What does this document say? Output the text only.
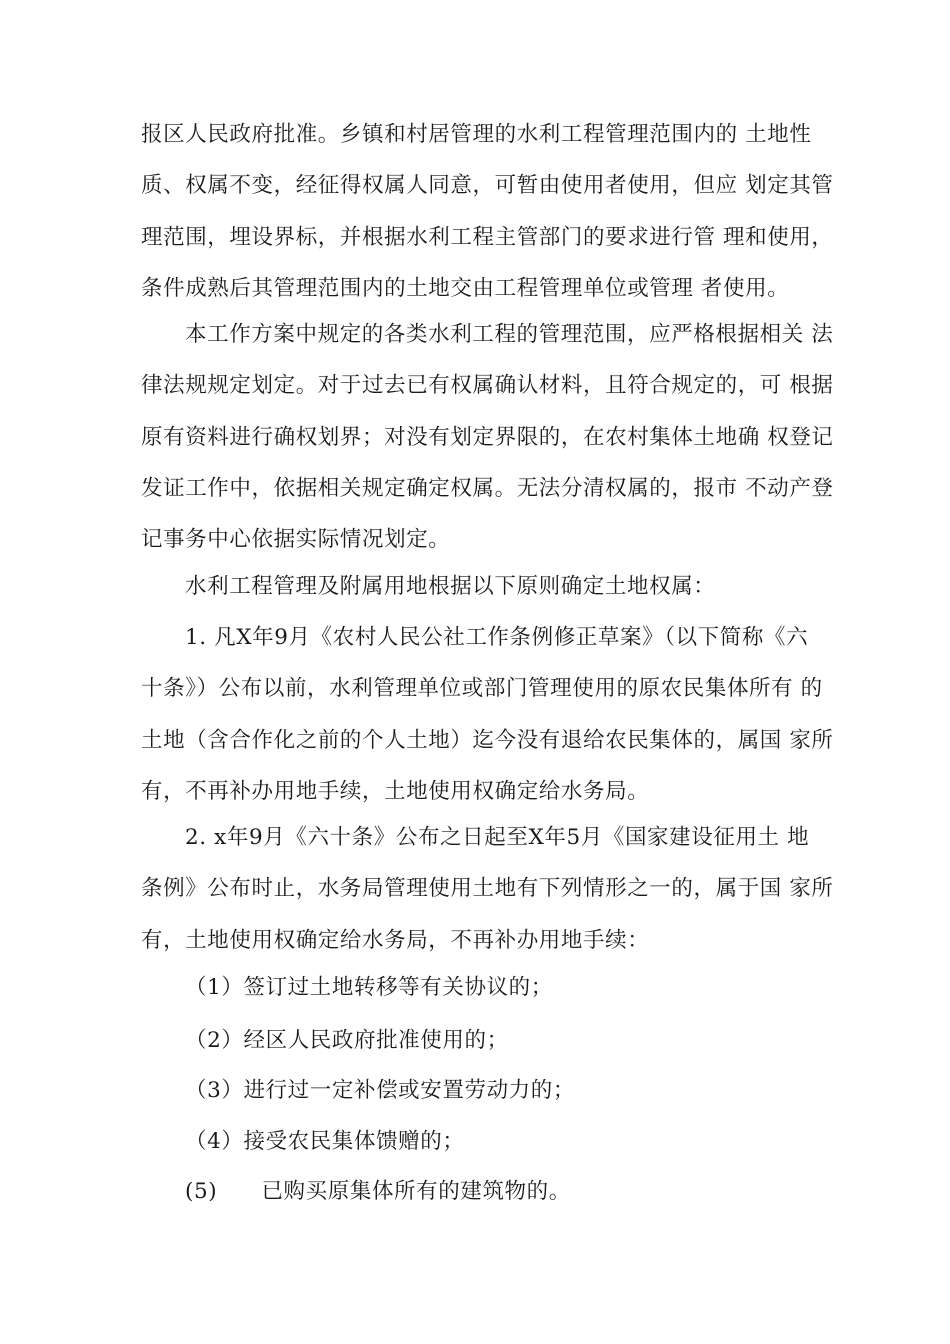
报区人民政府批准。乡镇和村居管理的水利工程管理范围内的 土地性
质、权属不变，经征得权属人同意，可暂由使用者使用，但应 划定其管
理范围，埋设界标，并根据水利工程主管部门的要求进行管 理和使用，
条件成熟后其管理范围内的土地交由工程管理单位或管理 者使用。
本工作方案中规定的各类水利工程的管理范围，应严格根据相关 法
律法规规定划定。对于过去已有权属确认材料，且符合规定的，可 根据
原有资料进行确权划界；对没有划定界限的，在农村集体土地确 权登记
发证工作中，依据相关规定确定权属。无法分清权属的，报市 不动产登
记事务中心依据实际情况划定。
水利工程管理及附属用地根据以下原则确定土地权属：
1. 凡X年9月《农村人民公社工作条例修正草案》（以下简称《六
十条》）公布以前，水利管理单位或部门管理使用的原农民集体所有 的
土地（含合作化之前的个人土地）迄今没有退给农民集体的，属国 家所
有，不再补办用地手续，土地使用权确定给水务局。
2. x年9月《六十条》公布之日起至X年5月《国家建设征用土 地
条例》公布时止，水务局管理使用土地有下列情形之一的，属于国 家所
有，土地使用权确定给水务局，不再补办用地手续：
（1）签订过土地转移等有关协议的；
（2）经区人民政府批准使用的；
（3）进行过一定补偿或安置劳动力的；
（4）接受农民集体馈赠的；
(5)　　已购买原集体所有的建筑物的。
